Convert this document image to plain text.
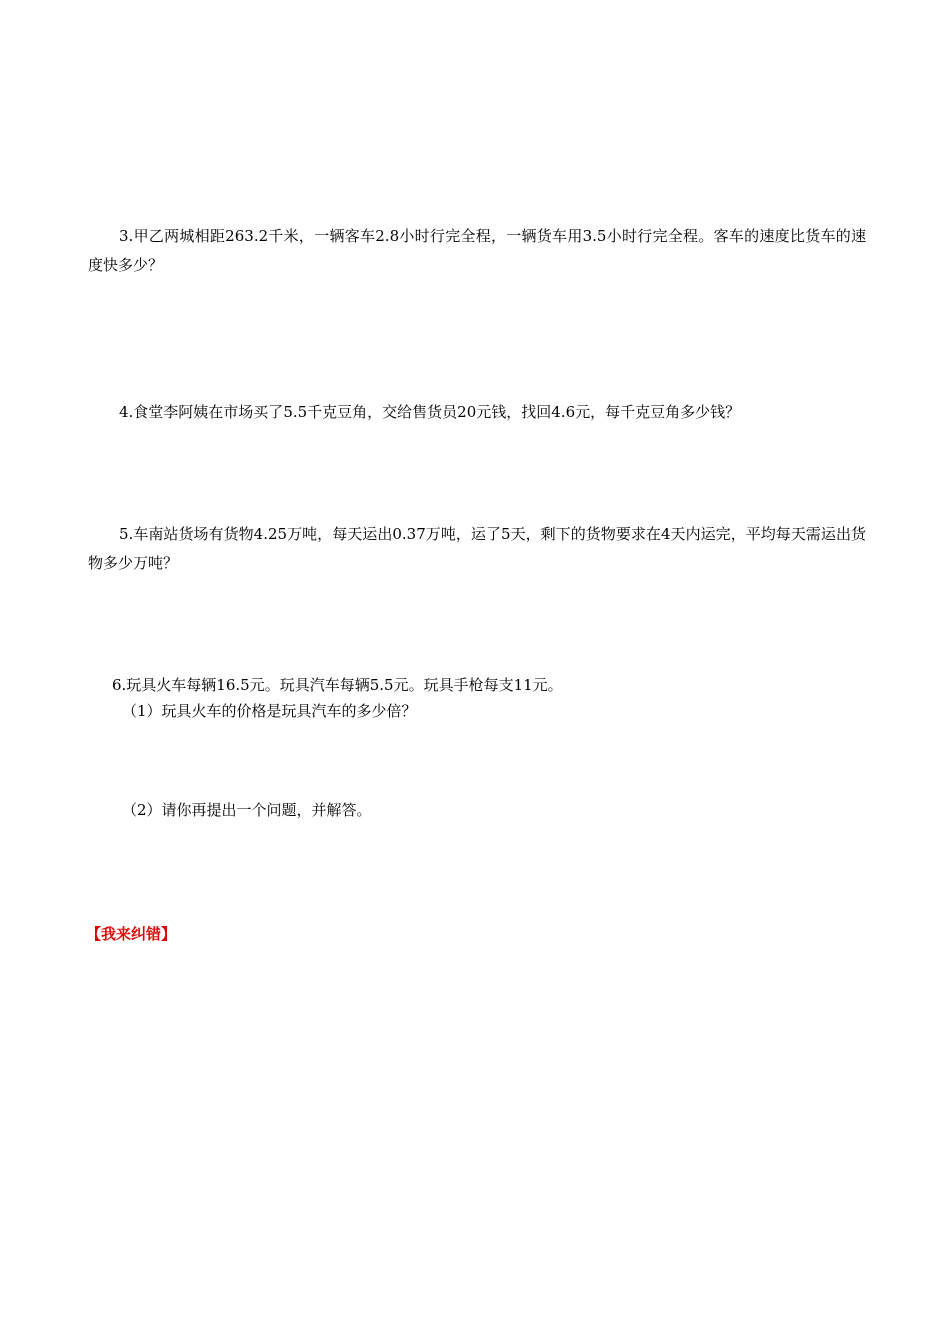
3.甲乙两城相距263.2千米，一辆客车2.8小时行完全程，一辆货车用3.5小时行完全程。客车的速度比货车的速度快多少？

4.食堂李阿姨在市场买了5.5千克豆角，交给售货员20元钱，找回4.6元，每千克豆角多少钱？

5.车南站货场有货物4.25万吨，每天运出0.37万吨，运了5天，剩下的货物要求在4天内运完，平均每天需运出货物多少万吨？

6.玩具火车每辆16.5元。玩具汽车每辆5.5元。玩具手枪每支11元。

（1）玩具火车的价格是玩具汽车的多少倍？

（2）请你再提出一个问题，并解答。

【我来纠错】
